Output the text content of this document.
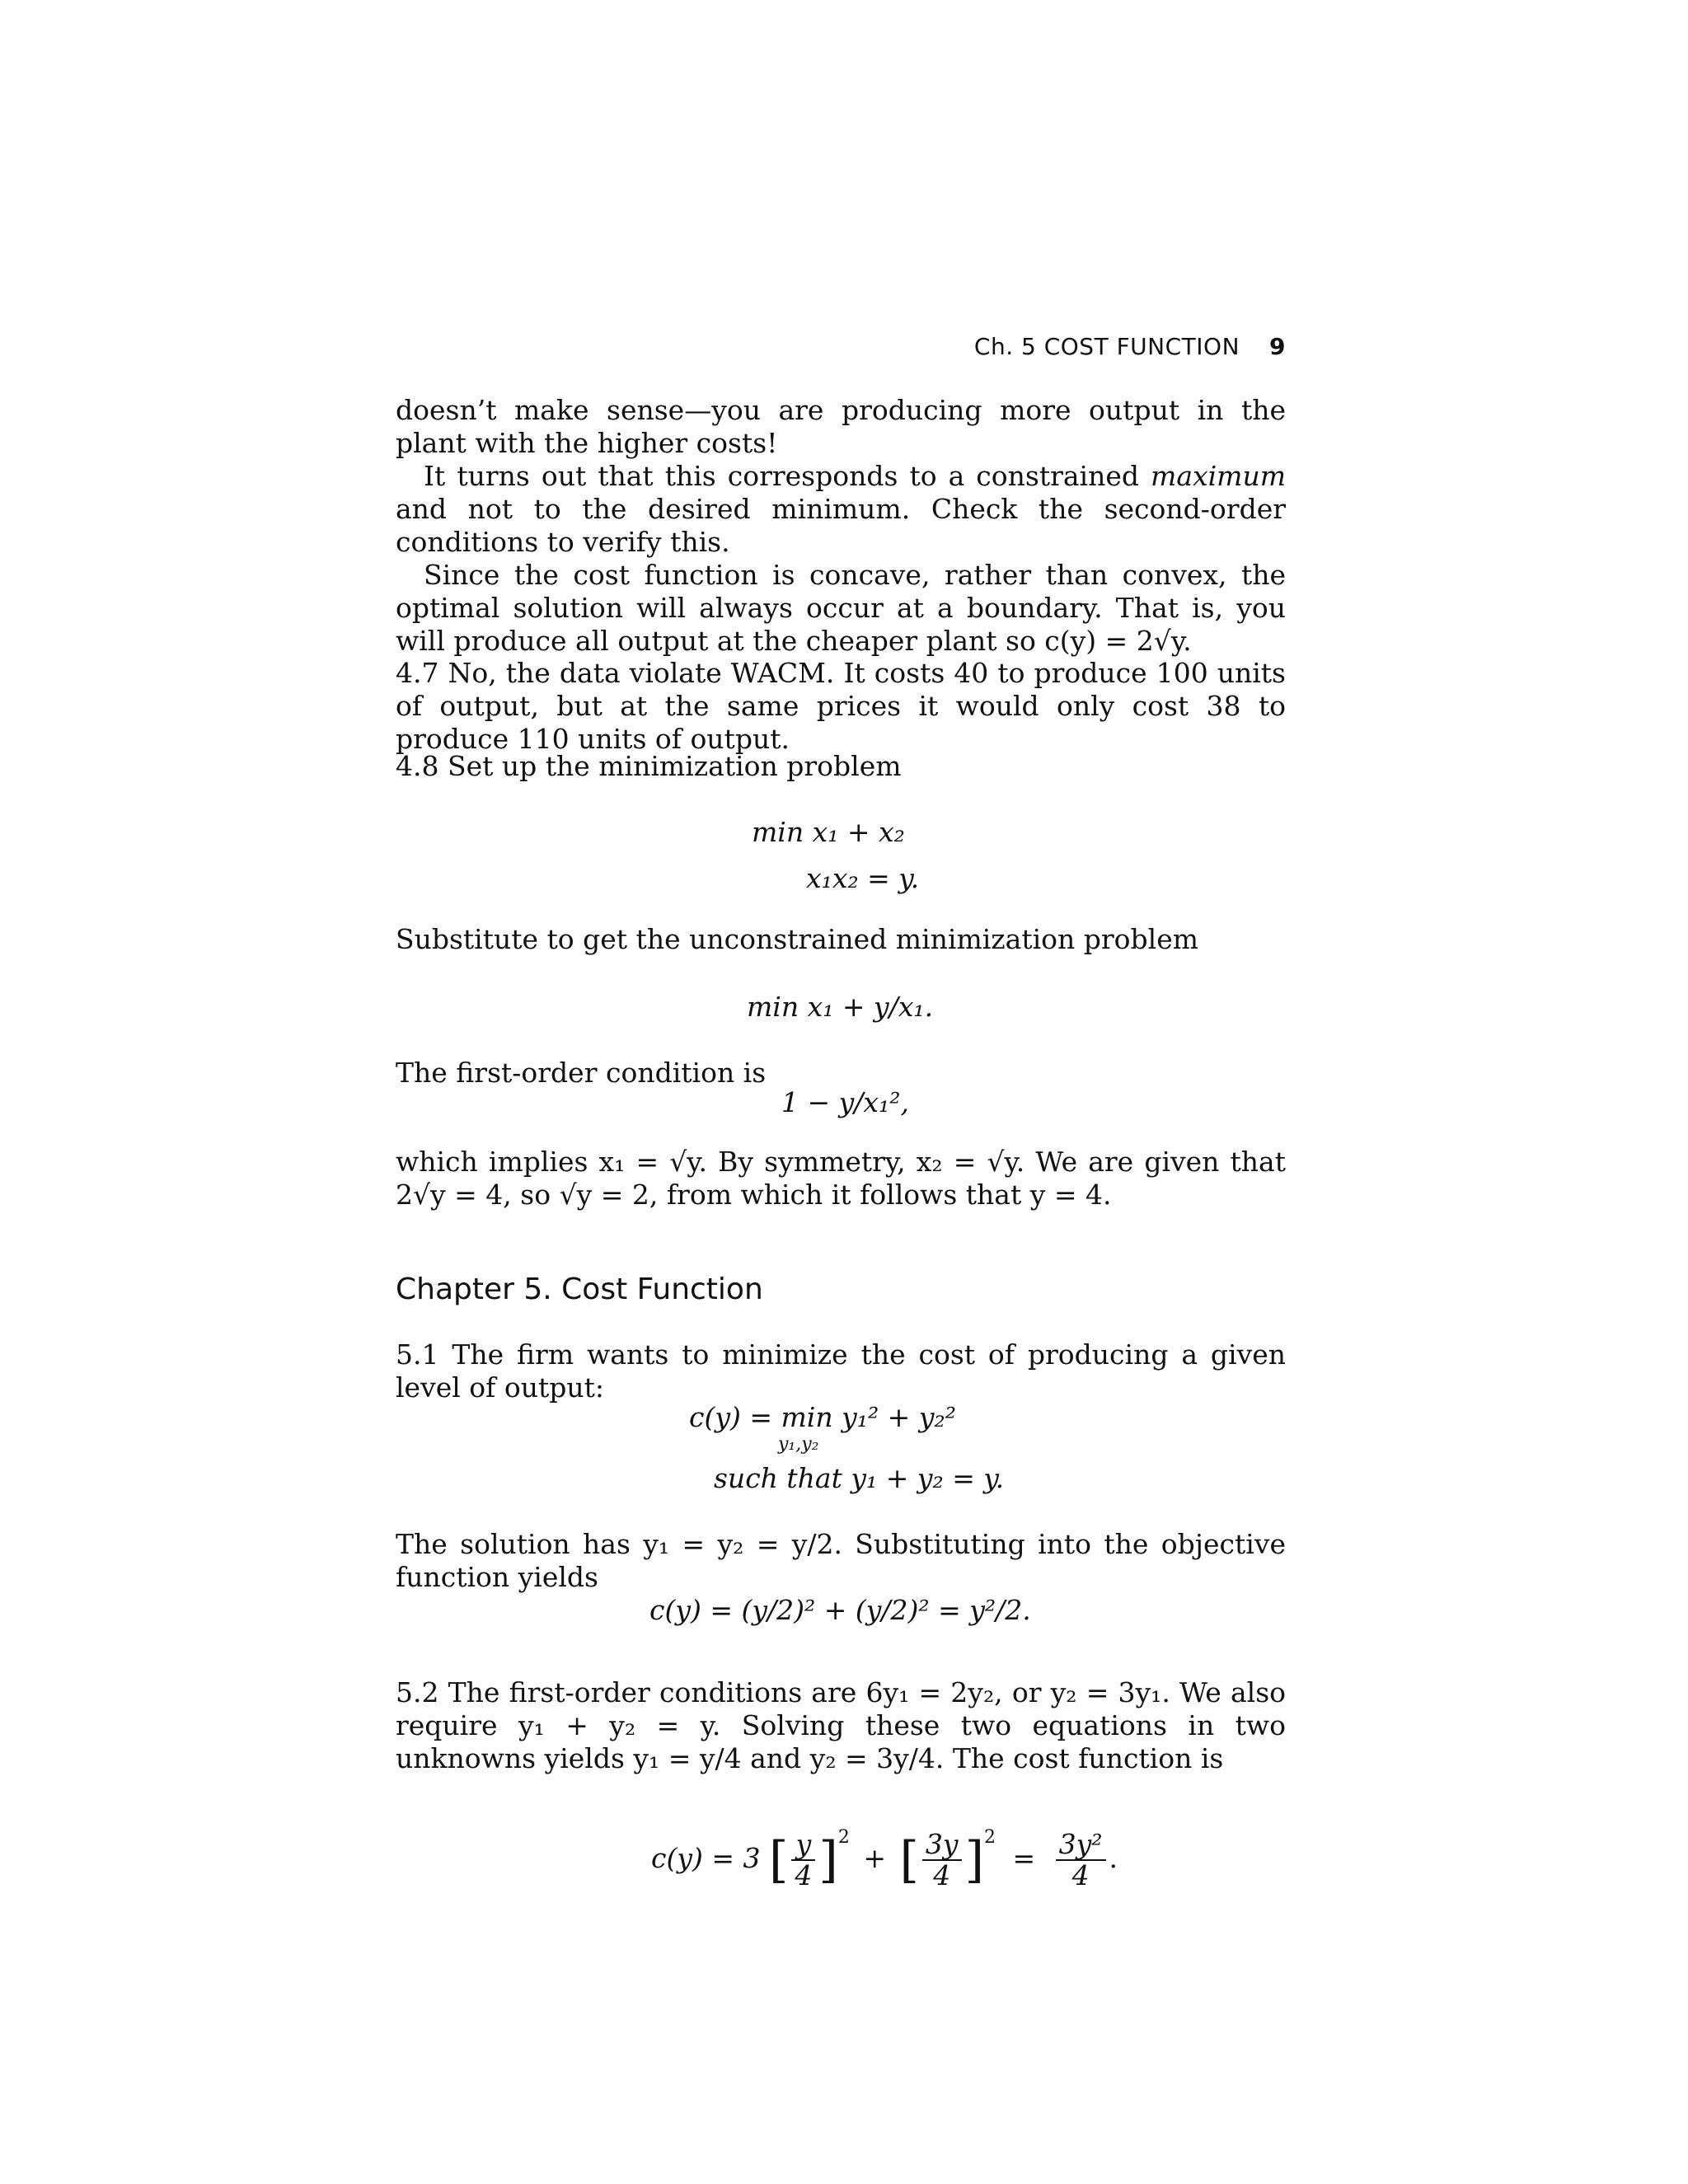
Ch. 5 COST FUNCTION 9

doesn’t make sense—you are producing more output in the plant with the higher costs!

It turns out that this corresponds to a constrained maximum and not to the desired minimum. Check the second-order conditions to verify this.

Since the cost function is concave, rather than convex, the optimal solution will always occur at a boundary. That is, you will produce all output at the cheaper plant so c(y) = 2√y.

4.7 No, the data violate WACM. It costs 40 to produce 100 units of output, but at the same prices it would only cost 38 to produce 110 units of output.

4.8 Set up the minimization problem

min x₁ + x₂
x₁x₂ = y.

Substitute to get the unconstrained minimization problem

min x₁ + y/x₁.

The first-order condition is

1 − y/x₁²,

which implies x₁ = √y. By symmetry, x₂ = √y. We are given that 2√y = 4, so √y = 2, from which it follows that y = 4.

Chapter 5. Cost Function

5.1 The firm wants to minimize the cost of producing a given level of output:

c(y) = min y₁² + y₂²
y₁,y₂
such that y₁ + y₂ = y.

The solution has y₁ = y₂ = y/2. Substituting into the objective function yields

c(y) = (y/2)² + (y/2)² = y²/2.

5.2 The first-order conditions are 6y₁ = 2y₂, or y₂ = 3y₁. We also require y₁ + y₂ = y. Solving these two equations in two unknowns yields y₁ = y/4 and y₂ = 3y/4. The cost function is

c(y) = 3 [ $\frac{y}{4} ]^2$ + [ $\frac{3y}{4} ]^2 = \frac{\text{3y²}}{4}$ .
